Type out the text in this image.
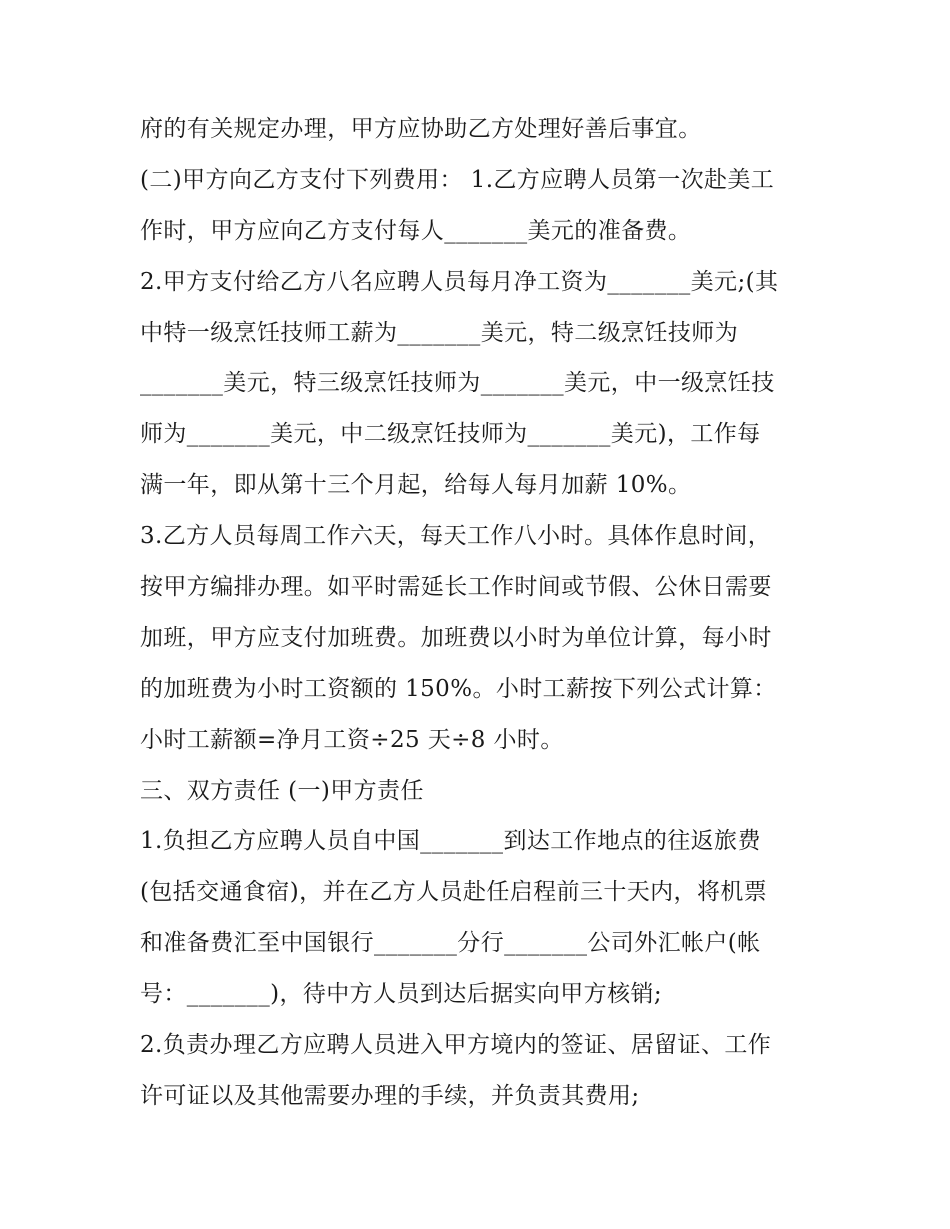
府的有关规定办理，甲方应协助乙方处理好善后事宜。
(二)甲方向乙方支付下列费用： 1.乙方应聘人员第一次赴美工
作时，甲方应向乙方支付每人_______美元的准备费。
2.甲方支付给乙方八名应聘人员每月净工资为_______美元;(其
中特一级烹饪技师工薪为_______美元，特二级烹饪技师为
_______美元，特三级烹饪技师为_______美元，中一级烹饪技
师为_______美元，中二级烹饪技师为_______美元)，工作每
满一年，即从第十三个月起，给每人每月加薪 10%。
3.乙方人员每周工作六天，每天工作八小时。具体作息时间，
按甲方编排办理。如平时需延长工作时间或节假、公休日需要
加班，甲方应支付加班费。加班费以小时为单位计算，每小时
的加班费为小时工资额的 150%。小时工薪按下列公式计算：
小时工薪额=净月工资÷25 天÷8 小时。
三、双方责任 (一)甲方责任
1.负担乙方应聘人员自中国_______到达工作地点的往返旅费
(包括交通食宿)，并在乙方人员赴任启程前三十天内，将机票
和准备费汇至中国银行_______分行_______公司外汇帐户(帐
号：_______)，待中方人员到达后据实向甲方核销;
2.负责办理乙方应聘人员进入甲方境内的签证、居留证、工作
许可证以及其他需要办理的手续，并负责其费用;
